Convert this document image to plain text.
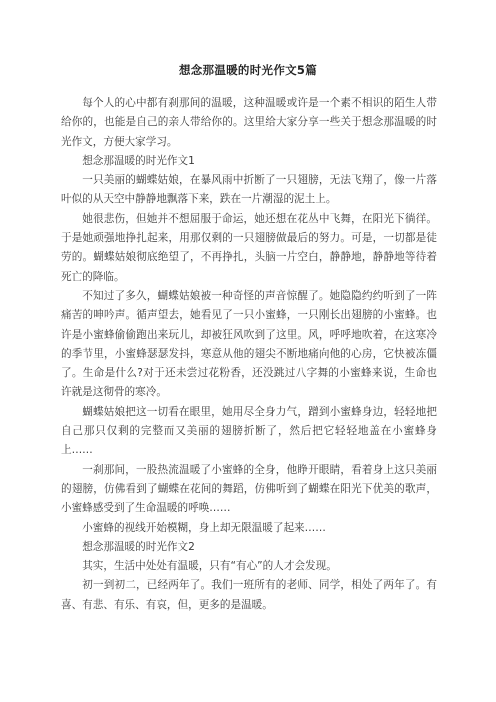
想念那温暖的时光作文5篇

每个人的心中都有刹那间的温暖，这种温暖或许是一个素不相识的陌生人带给你的，也能是自己的亲人带给你的。这里给大家分享一些关于想念那温暖的时光作文，方便大家学习。

想念那温暖的时光作文1

一只美丽的蝴蝶姑娘，在暴风雨中折断了一只翅膀，无法飞翔了，像一片落叶似的从天空中静静地飘落下来，跌在一片潮湿的泥土上。

她很悲伤，但她并不想屈服于命运，她还想在花丛中飞舞，在阳光下徜徉。于是她顽强地挣扎起来，用那仅剩的一只翅膀做最后的努力。可是，一切都是徒劳的。蝴蝶姑娘彻底绝望了，不再挣扎，头脑一片空白，静静地，静静地等待着死亡的降临。

不知过了多久，蝴蝶姑娘被一种奇怪的声音惊醒了。她隐隐约约听到了一阵痛苦的呻吟声。循声望去，她看见了一只小蜜蜂，一只刚长出翅膀的小蜜蜂。也许是小蜜蜂偷偷跑出来玩儿，却被狂风吹到了这里。风，呼呼地吹着，在这寒冷的季节里，小蜜蜂瑟瑟发抖，寒意从他的翅尖不断地痛向他的心房，它快被冻僵了。生命是什么?对于还未尝过花粉香，还没跳过八字舞的小蜜蜂来说，生命也许就是这彻骨的寒冷。

蝴蝶姑娘把这一切看在眼里，她用尽全身力气，蹭到小蜜蜂身边，轻轻地把自己那只仅剩的完整而又美丽的翅膀折断了，然后把它轻轻地盖在小蜜蜂身上……

一刹那间，一股热流温暖了小蜜蜂的全身，他睁开眼睛，看着身上这只美丽的翅膀，仿佛看到了蝴蝶在花间的舞蹈，仿佛听到了蝴蝶在阳光下优美的歌声，小蜜蜂感受到了生命温暖的呼唤……

小蜜蜂的视线开始模糊，身上却无限温暖了起来……

想念那温暖的时光作文2

其实，生活中处处有温暖，只有“有心”的人才会发现。

初一到初二，已经两年了。我们一班所有的老师、同学，相处了两年了。有喜、有悲、有乐、有哀，但，更多的是温暖。
